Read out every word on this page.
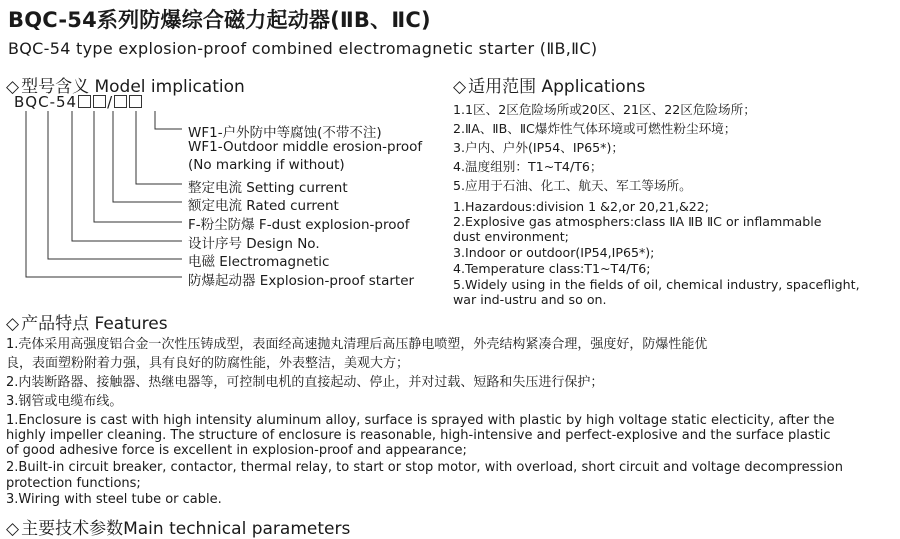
BQC-54系列防爆综合磁力起动器(ⅡB、ⅡC)
BQC-54 type explosion-proof combined electromagnetic starter (ⅡB,ⅡC)
◇ 型号含义 Model implication
BQC-54 /
WF1-户外防中等腐蚀(不带不注)
WF1-Outdoor middle erosion-proof
(No marking if without)
整定电流 Setting current
额定电流 Rated current
F-粉尘防爆 F-dust explosion-proof
设计序号 Design No.
电磁 Electromagnetic
防爆起动器 Explosion-proof starter
◇ 适用范围 Applications
1.1区、2区危险场所或20区、21区、22区危险场所；
2.ⅡA、ⅡB、ⅡC爆炸性气体环境或可燃性粉尘环境；
3.户内、户外(IP54、IP65*)；
4.温度组别：T1~T4/T6；
5.应用于石油、化工、航天、军工等场所。
1.Hazardous:division 1 &2,or 20,21,&22;
2.Explosive gas atmosphers:class ⅡA ⅡB ⅡC or inflammable
dust environment;
3.Indoor or outdoor(IP54,IP65*);
4.Temperature class:T1~T4/T6;
5.Widely using in the fields of oil, chemical industry, spaceflight,
war ind-ustru and so on.
◇ 产品特点 Features
1.壳体采用高强度铝合金一次性压铸成型，表面经高速抛丸清理后高压静电喷塑，外壳结构紧凑合理，强度好，防爆性能优
良，表面塑粉附着力强，具有良好的防腐性能，外表整洁，美观大方；
2.内装断路器、接触器、热继电器等，可控制电机的直接起动、停止，并对过载、短路和失压进行保护；
3.钢管或电缆布线。
1.Enclosure is cast with high intensity aluminum alloy, surface is sprayed with plastic by high voltage static electicity, after the
highly impeller cleaning. The structure of enclosure is reasonable, high-intensive and perfect-explosive and the surface plastic
of good adhesive force is excellent in explosion-proof and appearance;
2.Built-in circuit breaker, contactor, thermal relay, to start or stop motor, with overload, short circuit and voltage decompression
protection functions;
3.Wiring with steel tube or cable.
◇ 主要技术参数Main technical parameters
